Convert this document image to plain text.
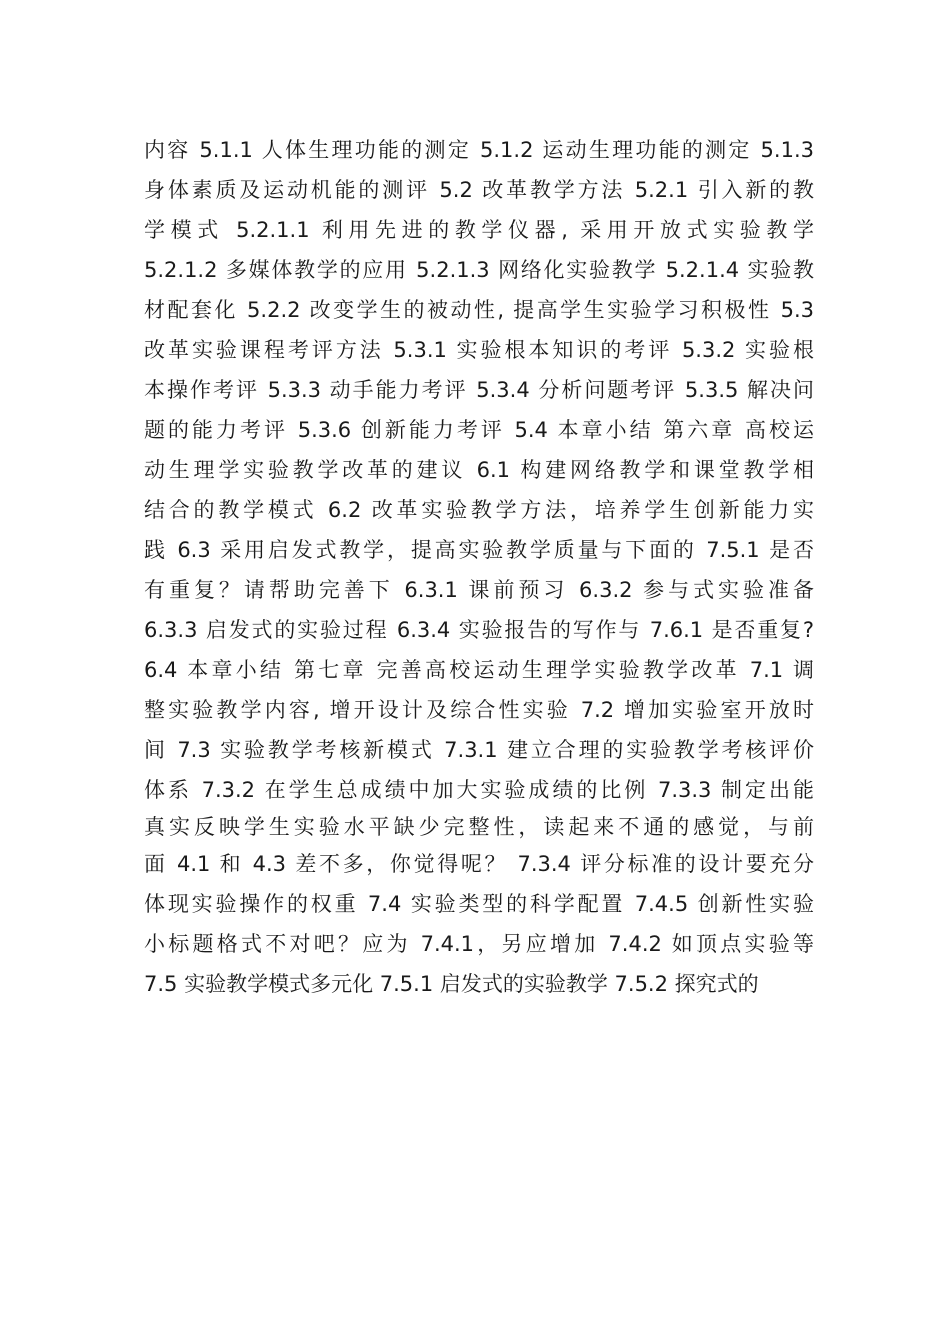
内容 5.1.1 人体生理功能的测定 5.1.2 运动生理功能的测定 5.1.3
身体素质及运动机能的测评 5.2 改革教学方法 5.2.1 引入新的教
学模式 5.2.1.1 利用先进的教学仪器, 采用开放式实验教学
5.2.1.2 多媒体教学的应用 5.2.1.3 网络化实验教学 5.2.1.4 实验教
材配套化 5.2.2 改变学生的被动性, 提高学生实验学习积极性 5.3
改革实验课程考评方法 5.3.1 实验根本知识的考评 5.3.2 实验根
本操作考评 5.3.3 动手能力考评 5.3.4 分析问题考评 5.3.5 解决问
题的能力考评 5.3.6 创新能力考评 5.4 本章小结 第六章 高校运
动生理学实验教学改革的建议 6.1 构建网络教学和课堂教学相
结合的教学模式 6.2 改革实验教学方法，培养学生创新能力实
践 6.3 采用启发式教学，提高实验教学质量与下面的 7.5.1 是否
有重复？请帮助完善下 6.3.1 课前预习 6.3.2 参与式实验准备
6.3.3 启发式的实验过程 6.3.4 实验报告的写作与 7.6.1 是否重复?
6.4 本章小结 第七章 完善高校运动生理学实验教学改革 7.1 调
整实验教学内容, 增开设计及综合性实验 7.2 增加实验室开放时
间 7.3 实验教学考核新模式 7.3.1 建立合理的实验教学考核评价
体系 7.3.2 在学生总成绩中加大实验成绩的比例 7.3.3 制定出能
真实反映学生实验水平缺少完整性，读起来不通的感觉，与前
面 4.1 和 4.3 差不多，你觉得呢？ 7.3.4 评分标准的设计要充分
体现实验操作的权重 7.4 实验类型的科学配置 7.4.5 创新性实验
小标题格式不对吧？应为 7.4.1，另应增加 7.4.2 如顶点实验等
7.5 实验教学模式多元化 7.5.1 启发式的实验教学 7.5.2 探究式的
